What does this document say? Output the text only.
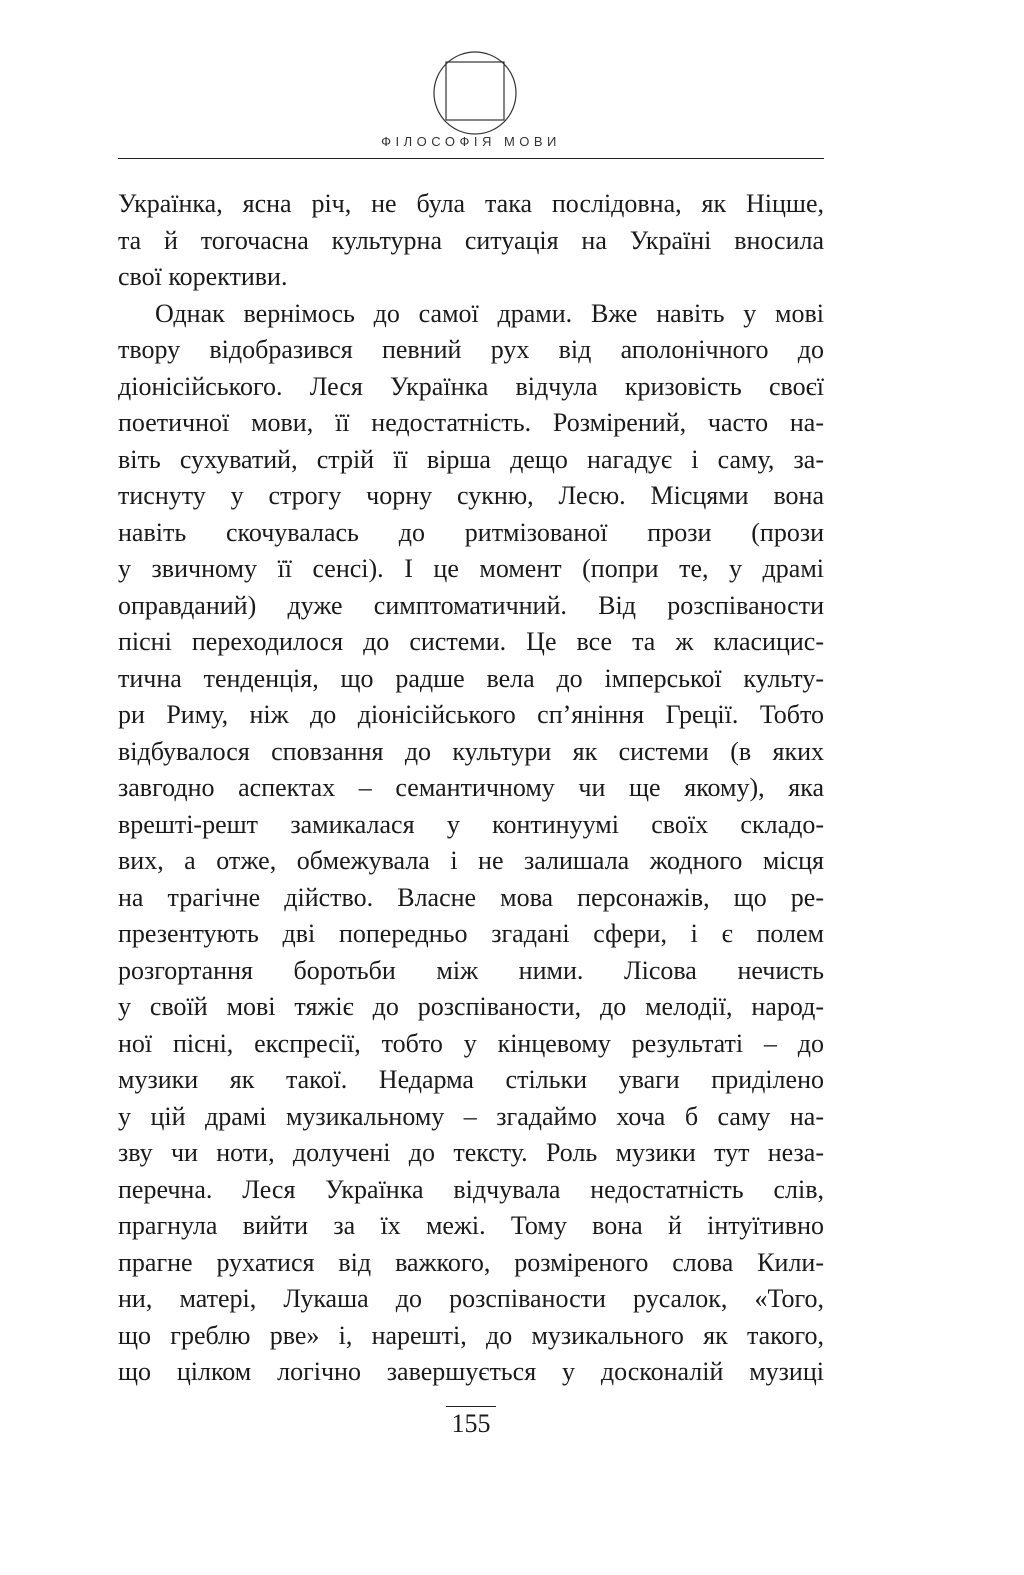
ФІЛОСОФІЯ МОВИ
Українка, ясна річ, не була така послідовна, як Ніцше,
та й тогочасна культурна ситуація на Україні вносила
свої корективи.
Однак вернімось до самої драми. Вже навіть у мові
твору відобразився певний рух від аполонічного до
діонісійського. Леся Українка відчула кризовість своєї
поетичної мови, її недостатність. Розмірений, часто на-
віть сухуватий, стрій її вірша дещо нагадує і саму, за-
тиснуту у строгу чорну сукню, Лесю. Місцями вона
навіть скочувалась до ритмізованої прози (прози
у звичному її сенсі). І це момент (попри те, у драмі
оправданий) дуже симптоматичний. Від розспіваности
пісні переходилося до системи. Це все та ж класицис-
тична тенденція, що радше вела до імперської культу-
ри Риму, ніж до діонісійського сп’яніння Греції. Тобто
відбувалося сповзання до культури як системи (в яких
завгодно аспектах – семантичному чи ще якому), яка
врешті-решт замикалася у континуумі своїх складо-
вих, а отже, обмежувала і не залишала жодного місця
на трагічне дійство. Власне мова персонажів, що ре-
презентують дві попередньо згадані сфери, і є полем
розгортання боротьби між ними. Лісова нечисть
у своїй мові тяжіє до розспіваности, до мелодії, народ-
ної пісні, експресії, тобто у кінцевому результаті – до
музики як такої. Недарма стільки уваги приділено
у цій драмі музикальному – згадаймо хоча б саму на-
зву чи ноти, долучені до тексту. Роль музики тут неза-
перечна. Леся Українка відчувала недостатність слів,
прагнула вийти за їх межі. Тому вона й інтуїтивно
прагне рухатися від важкого, розміреного слова Кили-
ни, матері, Лукаша до розспіваности русалок, «Того,
що греблю рве» і, нарешті, до музикального як такого,
що цілком логічно завершується у досконалій музиці
155
